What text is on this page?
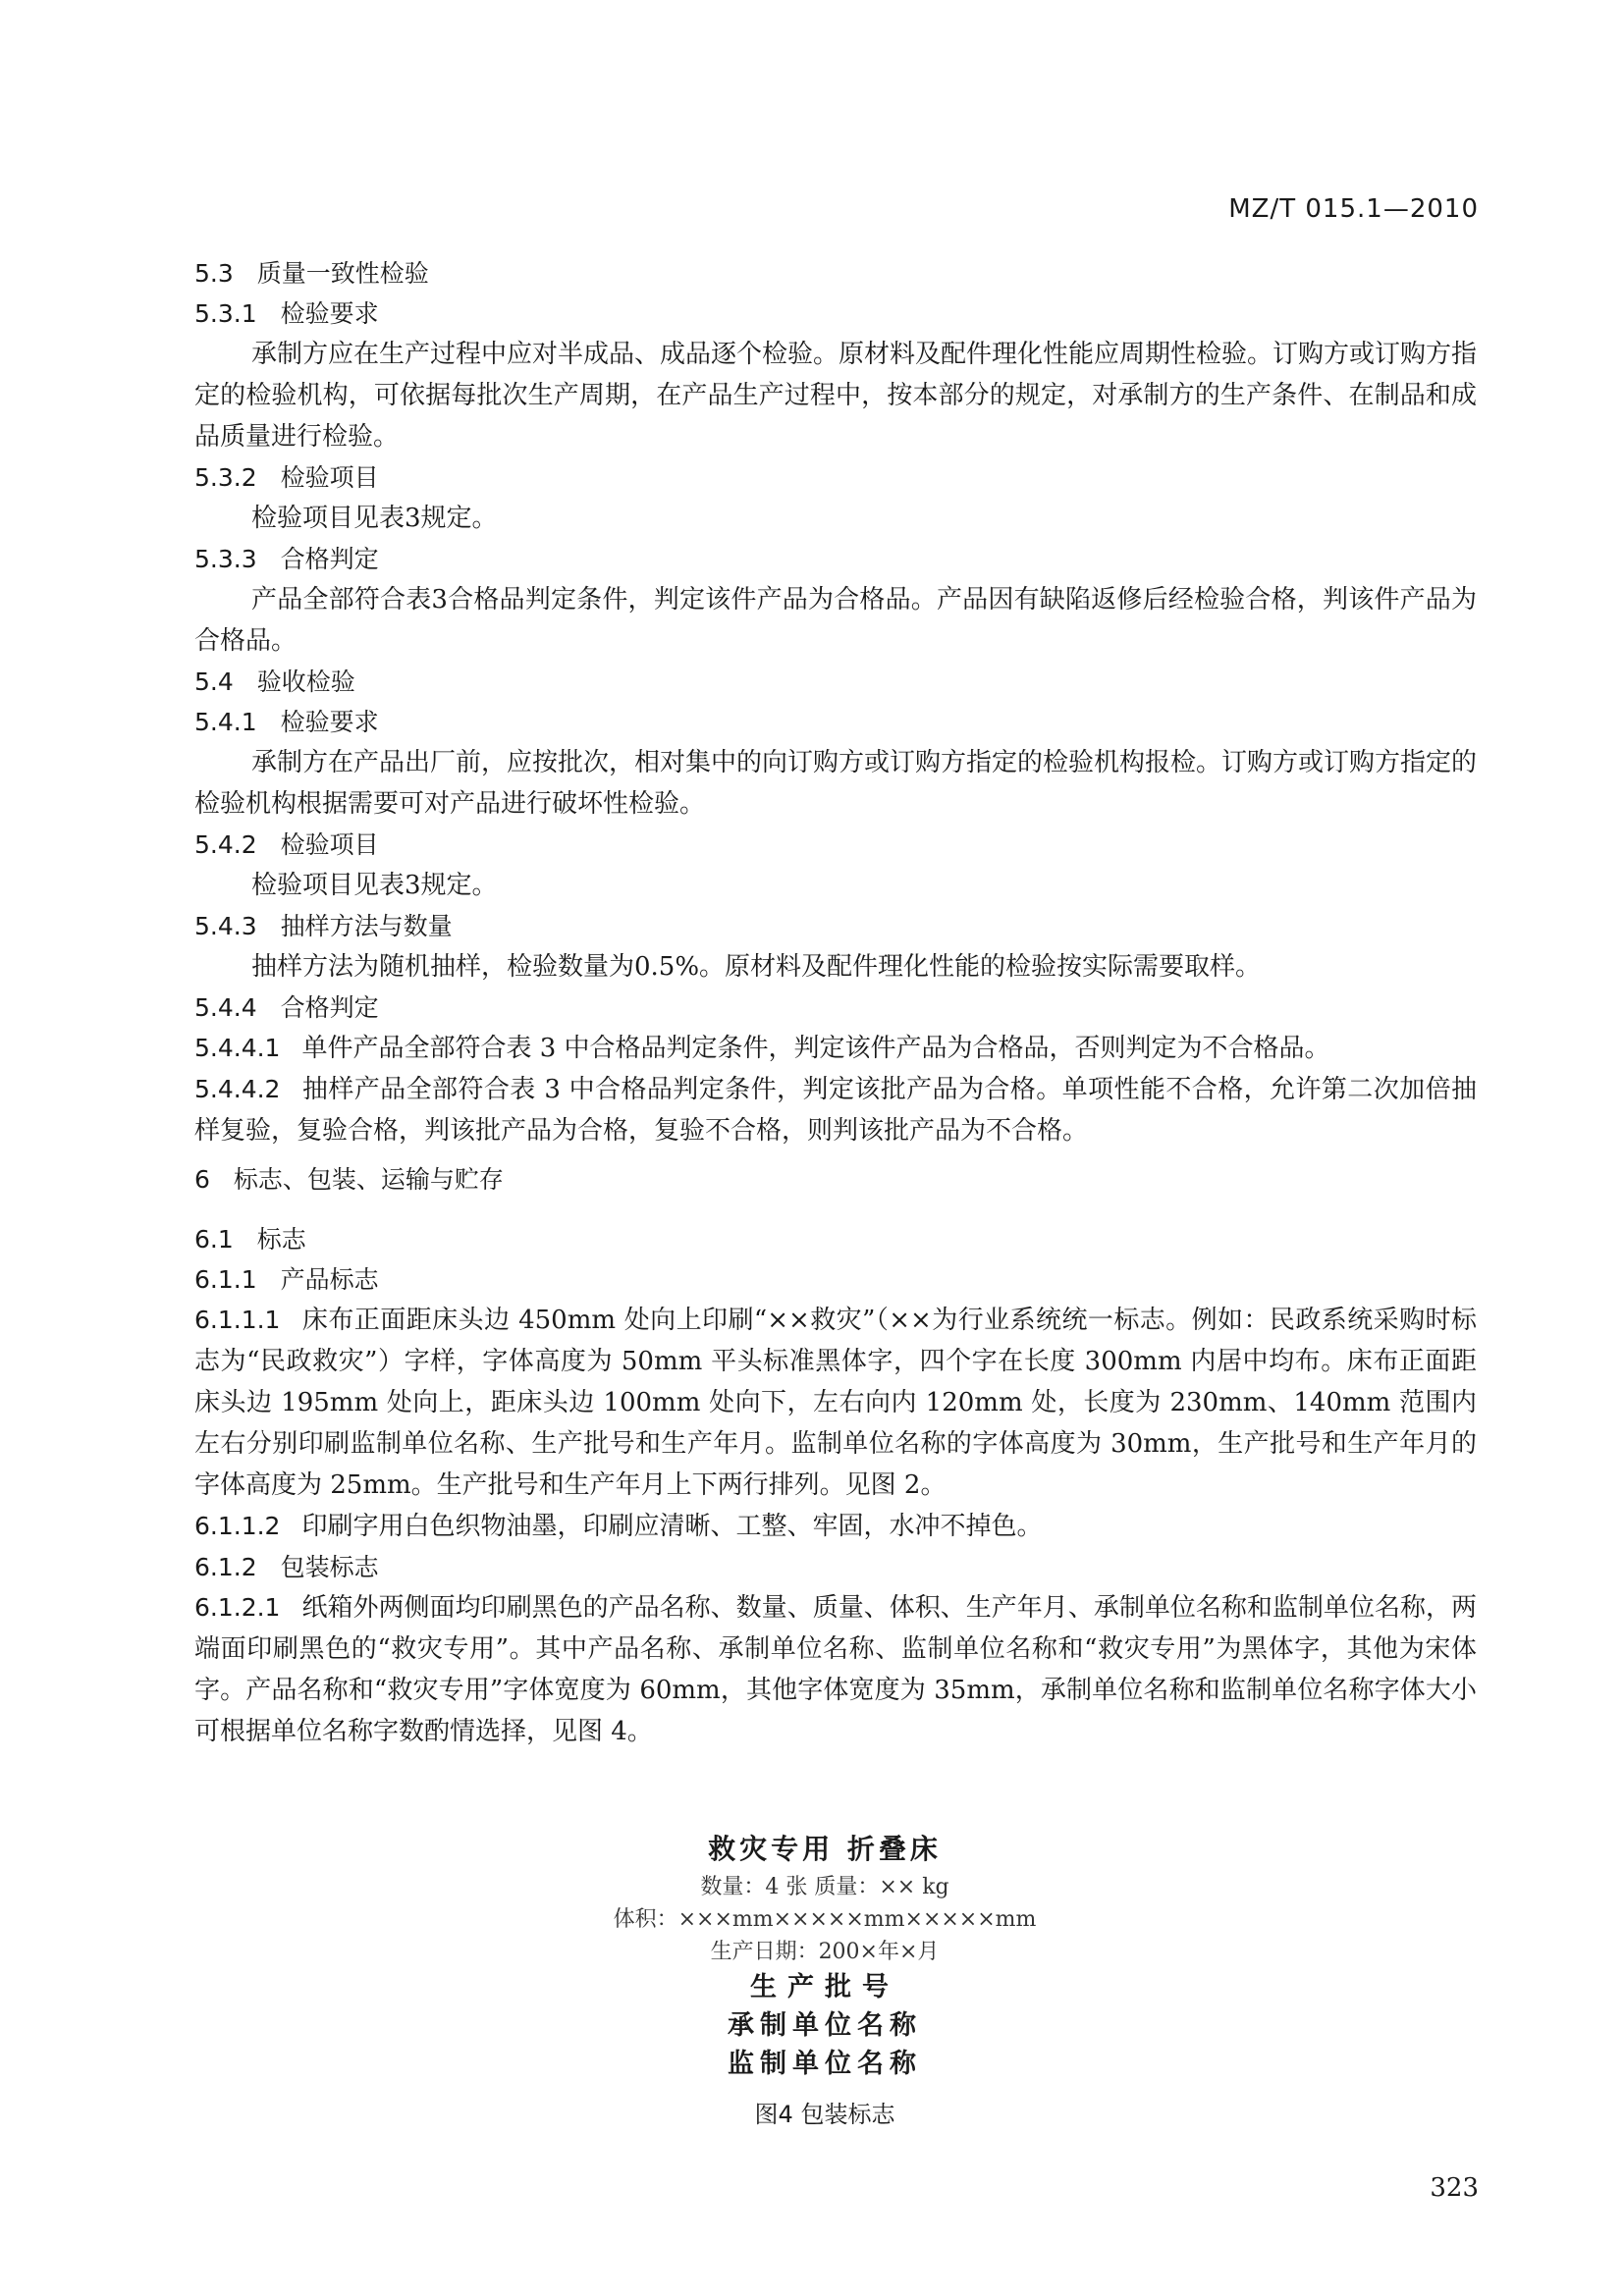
MZ/T 015.1—2010

5.3 质量一致性检验
5.3.1 检验要求

承制方应在生产过程中应对半成品、成品逐个检验。原材料及配件理化性能应周期性检验。订购方或订购方指定的检验机构，可依据每批次生产周期，在产品生产过程中，按本部分的规定，对承制方的生产条件、在制品和成品质量进行检验。

5.3.2 检验项目

检验项目见表3规定。

5.3.3 合格判定

产品全部符合表3合格品判定条件，判定该件产品为合格品。产品因有缺陷返修后经检验合格，判该件产品为合格品。

5.4 验收检验
5.4.1 检验要求

承制方在产品出厂前，应按批次，相对集中的向订购方或订购方指定的检验机构报检。订购方或订购方指定的检验机构根据需要可对产品进行破坏性检验。

5.4.2 检验项目

检验项目见表3规定。

5.4.3 抽样方法与数量

抽样方法为随机抽样，检验数量为0.5%。原材料及配件理化性能的检验按实际需要取样。

5.4.4 合格判定

5.4.4.1 单件产品全部符合表 3 中合格品判定条件，判定该件产品为合格品，否则判定为不合格品。

5.4.4.2 抽样产品全部符合表 3 中合格品判定条件，判定该批产品为合格。单项性能不合格，允许第二次加倍抽样复验，复验合格，判该批产品为合格，复验不合格，则判该批产品为不合格。

6 标志、包装、运输与贮存
6.1 标志
6.1.1 产品标志

6.1.1.1 床布正面距床头边 450mm 处向上印刷“××救灾”（××为行业系统统一标志。例如：民政系统采购时标志为“民政救灾”）字样，字体高度为 50mm 平头标准黑体字，四个字在长度 300mm 内居中均布。床布正面距床头边 195mm 处向上，距床头边 100mm 处向下，左右向内 120mm 处，长度为 230mm、140mm 范围内左右分别印刷监制单位名称、生产批号和生产年月。监制单位名称的字体高度为 30mm，生产批号和生产年月的字体高度为 25mm。生产批号和生产年月上下两行排列。见图 2。

6.1.1.2 印刷字用白色织物油墨，印刷应清晰、工整、牢固，水冲不掉色。

6.1.2 包装标志

6.1.2.1 纸箱外两侧面均印刷黑色的产品名称、数量、质量、体积、生产年月、承制单位名称和监制单位名称，两端面印刷黑色的“救灾专用”。其中产品名称、承制单位名称、监制单位名称和“救灾专用”为黑体字，其他为宋体字。产品名称和“救灾专用”字体宽度为 60mm，其他字体宽度为 35mm，承制单位名称和监制单位名称字体大小可根据单位名称字数酌情选择，见图 4。

救灾专用 折叠床

数量：4 张 质量：×× kg

体积：×××mm×××××mm×××××mm

生产日期：200×年×月

生产批号

承制单位名称

监制单位名称

图4 包装标志

323
